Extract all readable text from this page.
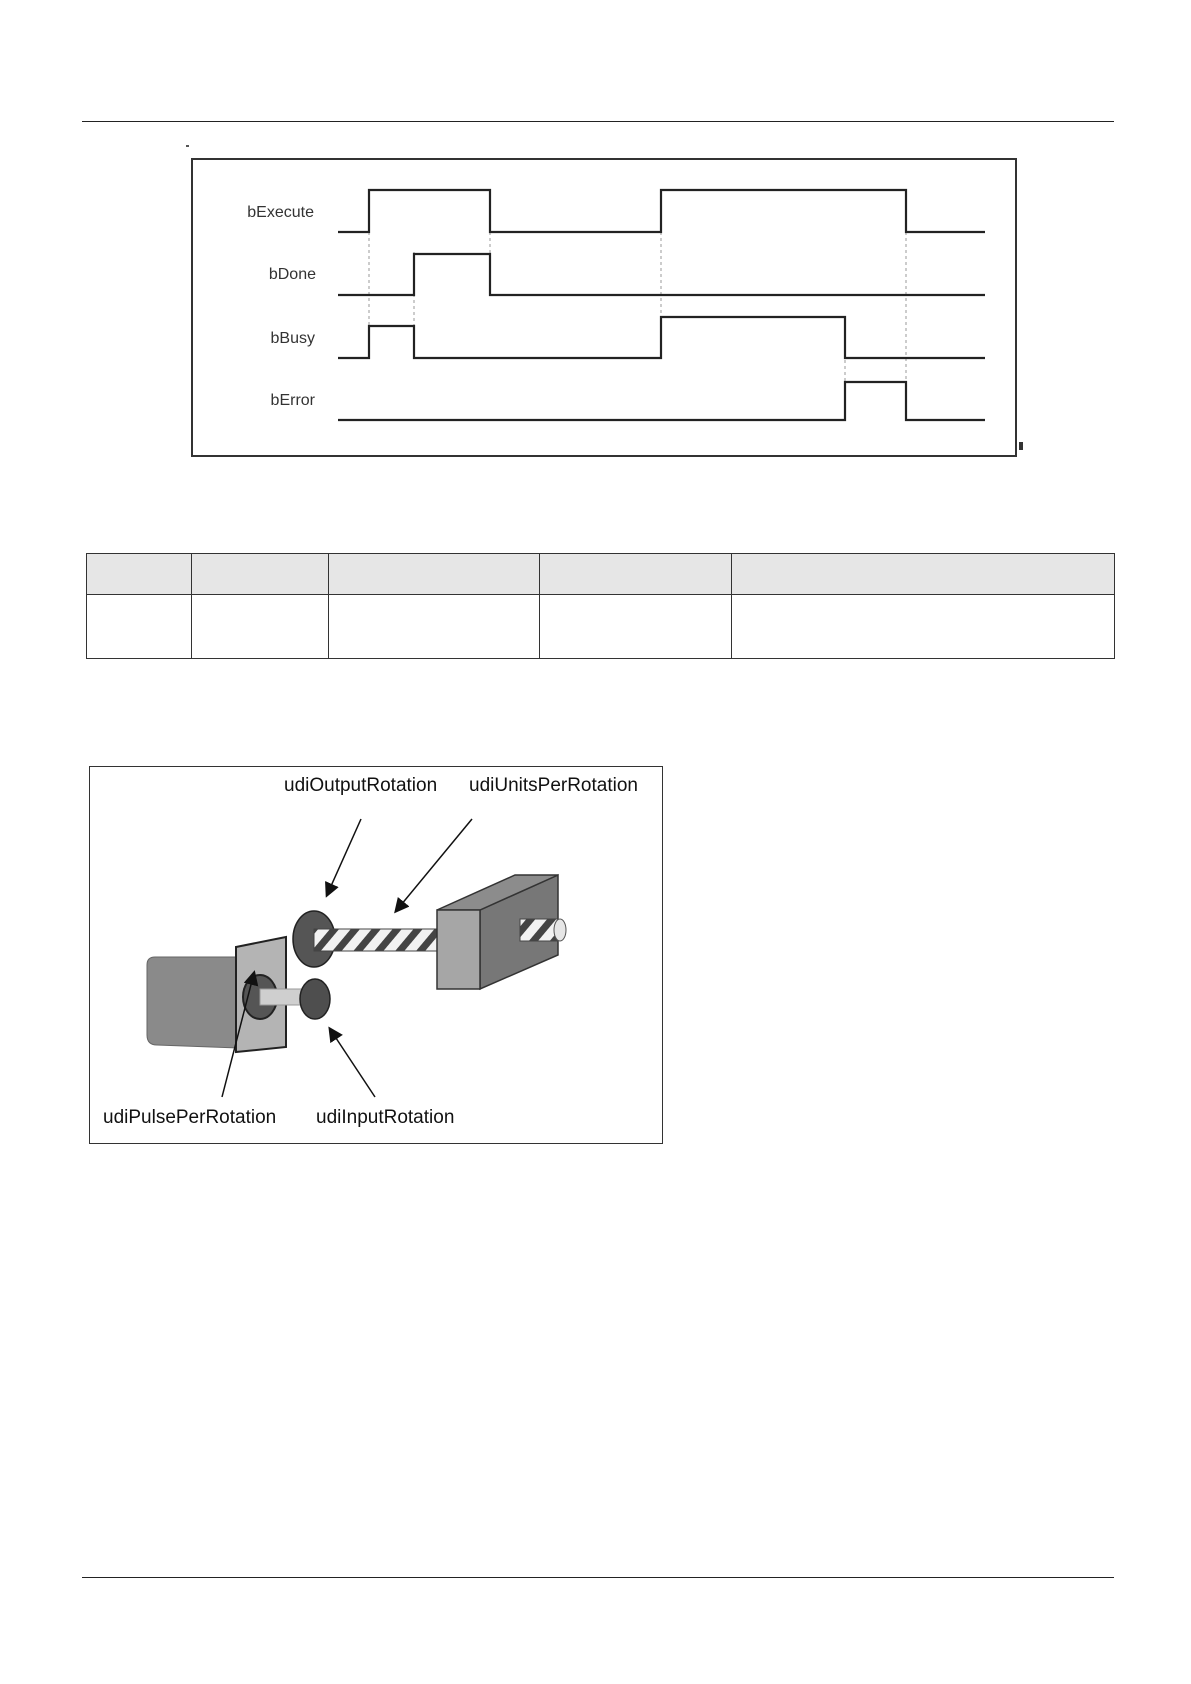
bExecute
bDone
bBusy
bError

udiOutputRotation udiUnitsPerRotation
udiPulsePerRotation udiInputRotation
